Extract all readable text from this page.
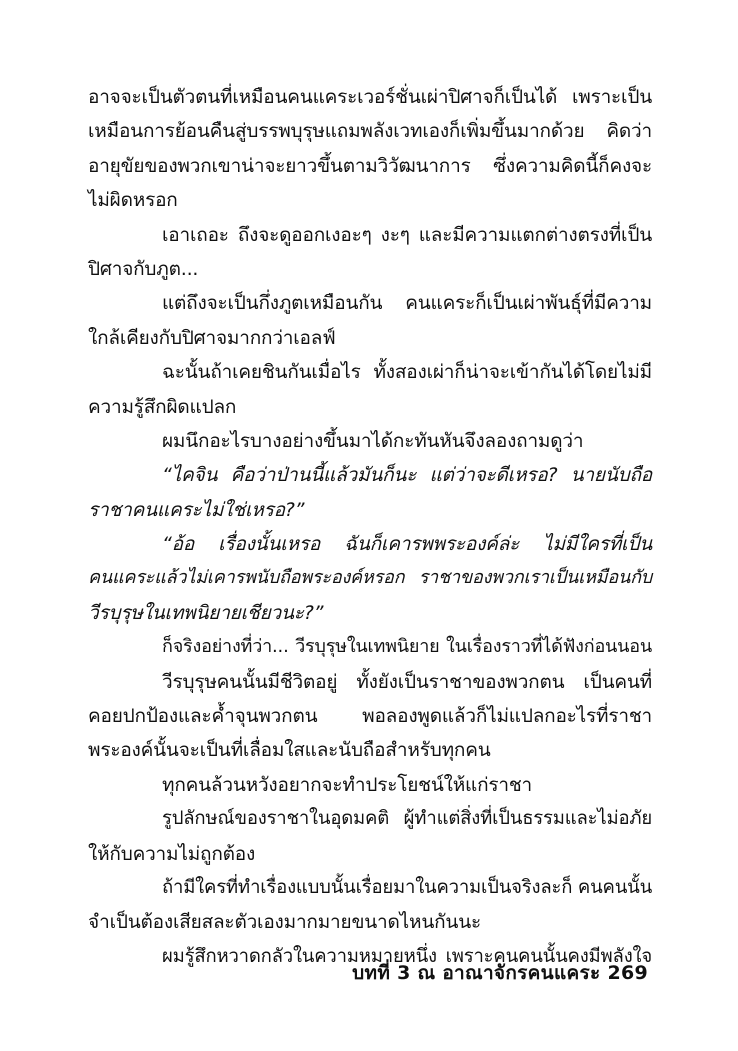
อาจจะเป็นตัวตนที่เหมือนคนแคระเวอร์ชั่นเผ่าปิศาจก็เป็นได้ เพราะเป็น
เหมือนการย้อนคืนสู่บรรพบุรุษแถมพลังเวทเองก็เพิ่มขึ้นมากด้วย คิดว่า
อายุขัยของพวกเขาน่าจะยาวขึ้นตามวิวัฒนาการ ซึ่งความคิดนี้ก็คงจะ
ไม่ผิดหรอก
เอาเถอะ ถึงจะดูออกเงอะๆ งะๆ และมีความแตกต่างตรงที่เป็น
ปิศาจกับภูต...
แต่ถึงจะเป็นกึ่งภูตเหมือนกัน คนแคระก็เป็นเผ่าพันธุ์ที่มีความ
ใกล้เคียงกับปิศาจมากกว่าเอลฟ์
ฉะนั้นถ้าเคยชินกันเมื่อไร ทั้งสองเผ่าก็น่าจะเข้ากันได้โดยไม่มี
ความรู้สึกผิดแปลก
ผมนึกอะไรบางอย่างขึ้นมาได้กะทันหันจึงลองถามดูว่า
“ไคจิน คือว่าป่านนี้แล้วมันก็นะ แต่ว่าจะดีเหรอ? นายนับถือ
ราชาคนแคระไม่ใช่เหรอ?”
“อ้อ เรื่องนั้นเหรอ ฉันก็เคารพพระองค์ล่ะ ไม่มีใครที่เป็น
คนแคระแล้วไม่เคารพนับถือพระองค์หรอก ราชาของพวกเราเป็นเหมือนกับ
วีรบุรุษในเทพนิยายเชียวนะ?”
ก็จริงอย่างที่ว่า... วีรบุรุษในเทพนิยาย ในเรื่องราวที่ได้ฟังก่อนนอน
วีรบุรุษคนนั้นมีชีวิตอยู่ ทั้งยังเป็นราชาของพวกตน เป็นคนที่
คอยปกป้องและค้ำจุนพวกตน พอลองพูดแล้วก็ไม่แปลกอะไรที่ราชา
พระองค์นั้นจะเป็นที่เลื่อมใสและนับถือสำหรับทุกคน
ทุกคนล้วนหวังอยากจะทำประโยชน์ให้แก่ราชา
รูปลักษณ์ของราชาในอุดมคติ ผู้ทำแต่สิ่งที่เป็นธรรมและไม่อภัย
ให้กับความไม่ถูกต้อง
ถ้ามีใครที่ทำเรื่องแบบนั้นเรื่อยมาในความเป็นจริงละก็ คนคนนั้น
จำเป็นต้องเสียสละตัวเองมากมายขนาดไหนกันนะ
ผมรู้สึกหวาดกลัวในความหมายหนึ่ง เพราะคนคนนั้นคงมีพลังใจ
บทที่ 3 ณ อาณาจักรคนแคระ 269
